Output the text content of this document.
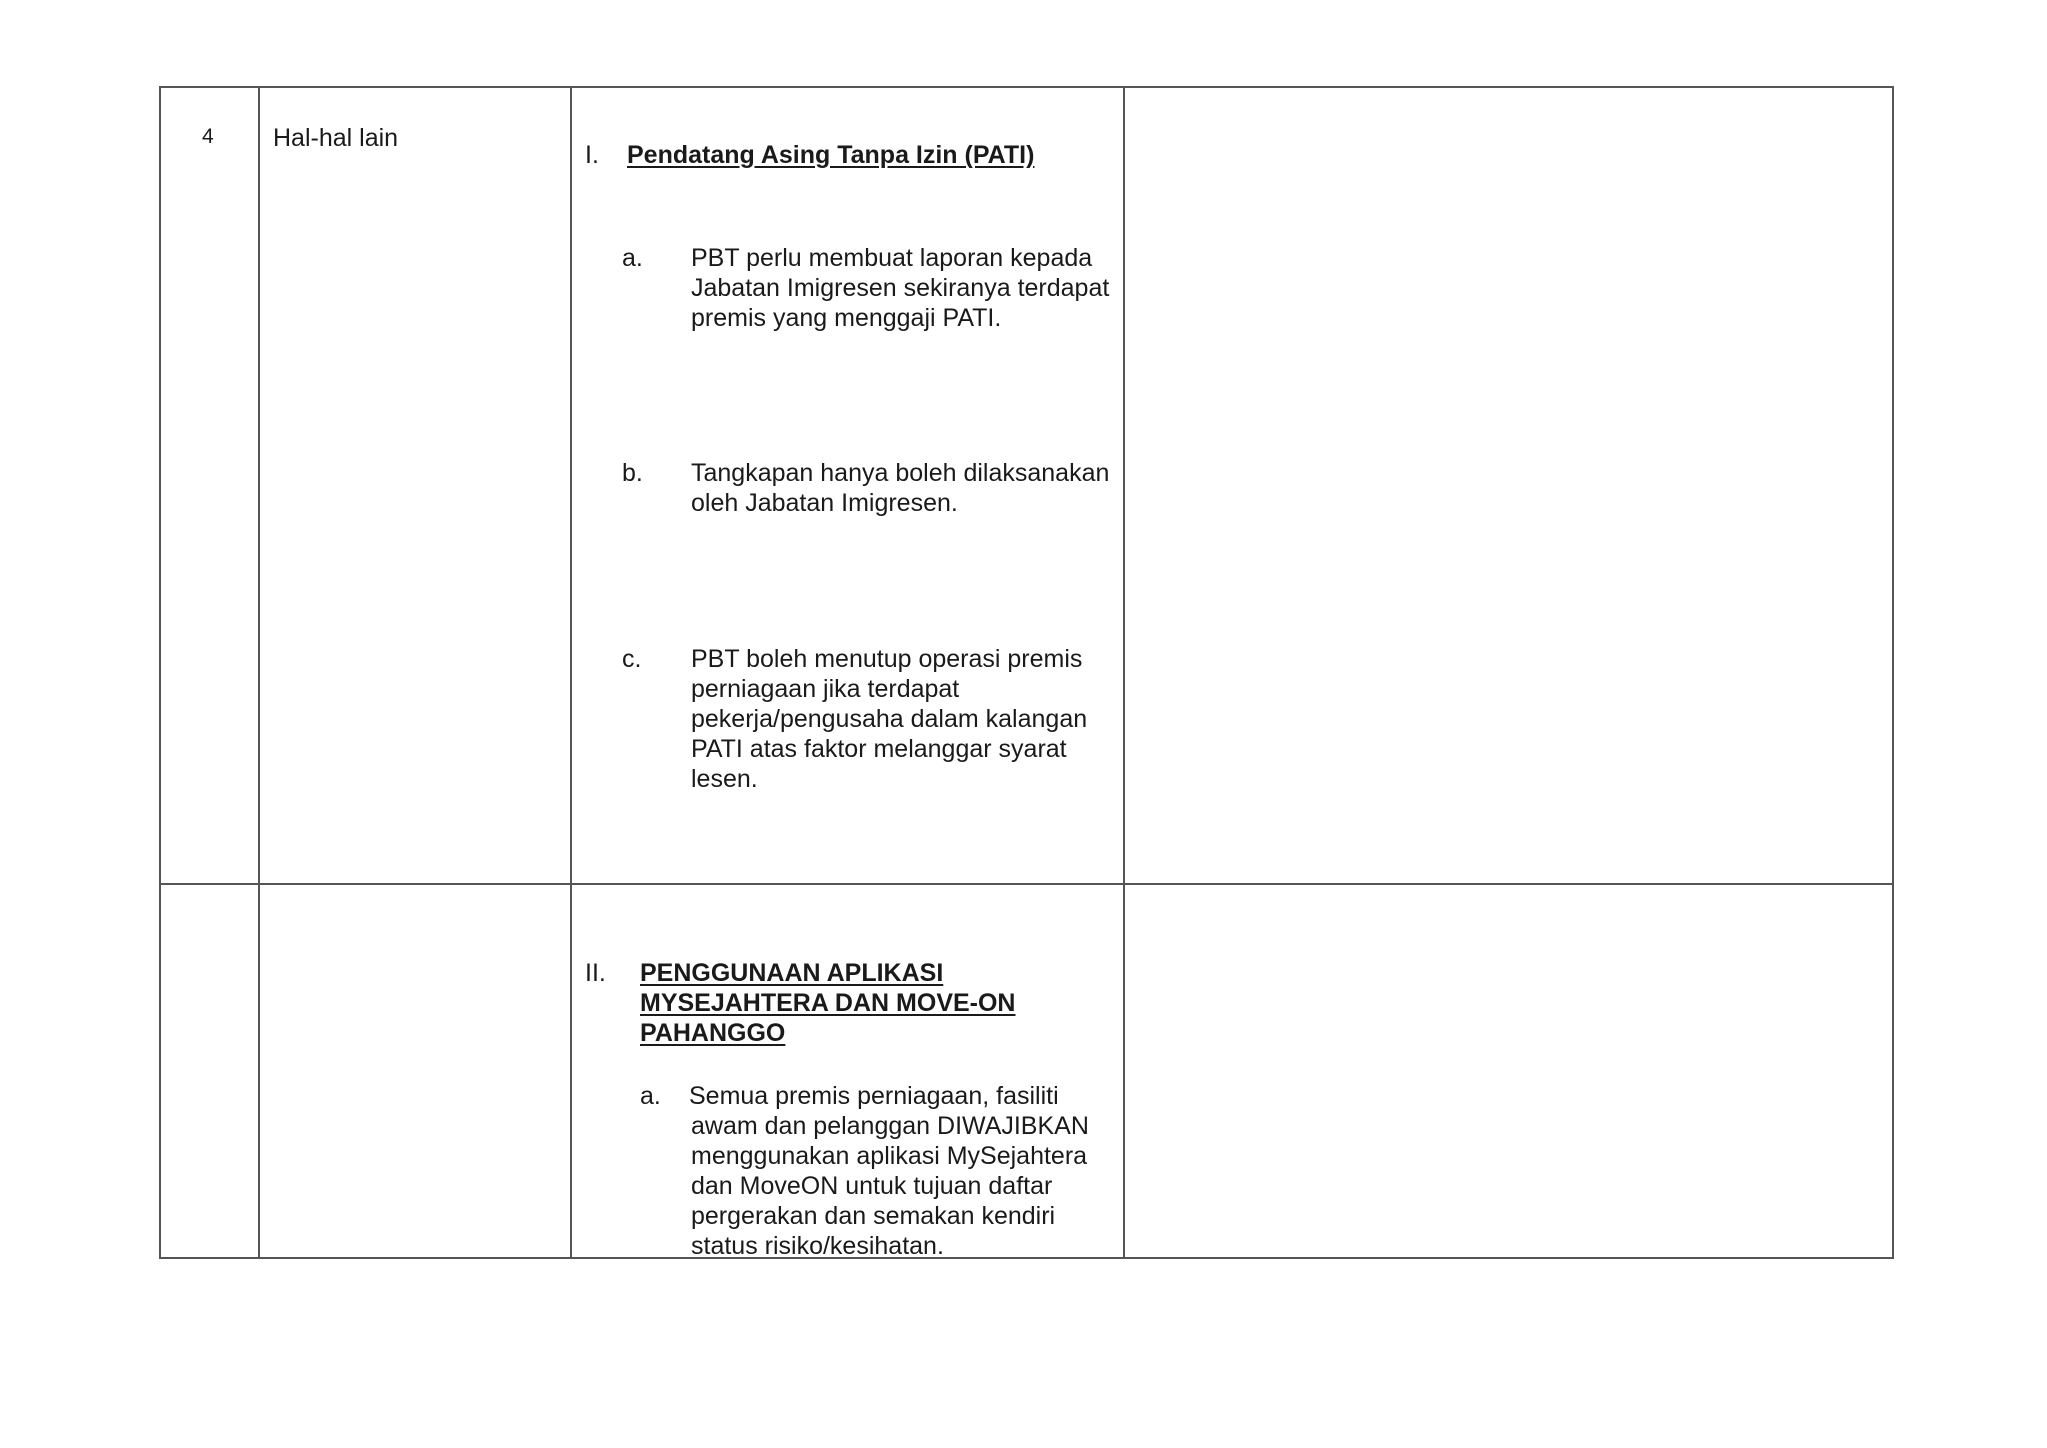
4 Hal-hal lain
I. Pendatang Asing Tanpa Izin (PATI)
a. PBT perlu membuat laporan kepada Jabatan Imigresen sekiranya terdapat premis yang menggaji PATI.
b. Tangkapan hanya boleh dilaksanakan oleh Jabatan Imigresen.
c. PBT boleh menutup operasi premis perniagaan jika terdapat pekerja/pengusaha dalam kalangan PATI atas faktor melanggar syarat lesen.
II. PENGGUNAAN APLIKASI
MYSEJAHTERA DAN MOVE-ON
PAHANGGO
a. Semua premis perniagaan, fasiliti
awam dan pelanggan DIWAJIBKAN menggunakan aplikasi MySejahtera dan MoveON untuk tujuan daftar pergerakan dan semakan kendiri status risiko/kesihatan.
